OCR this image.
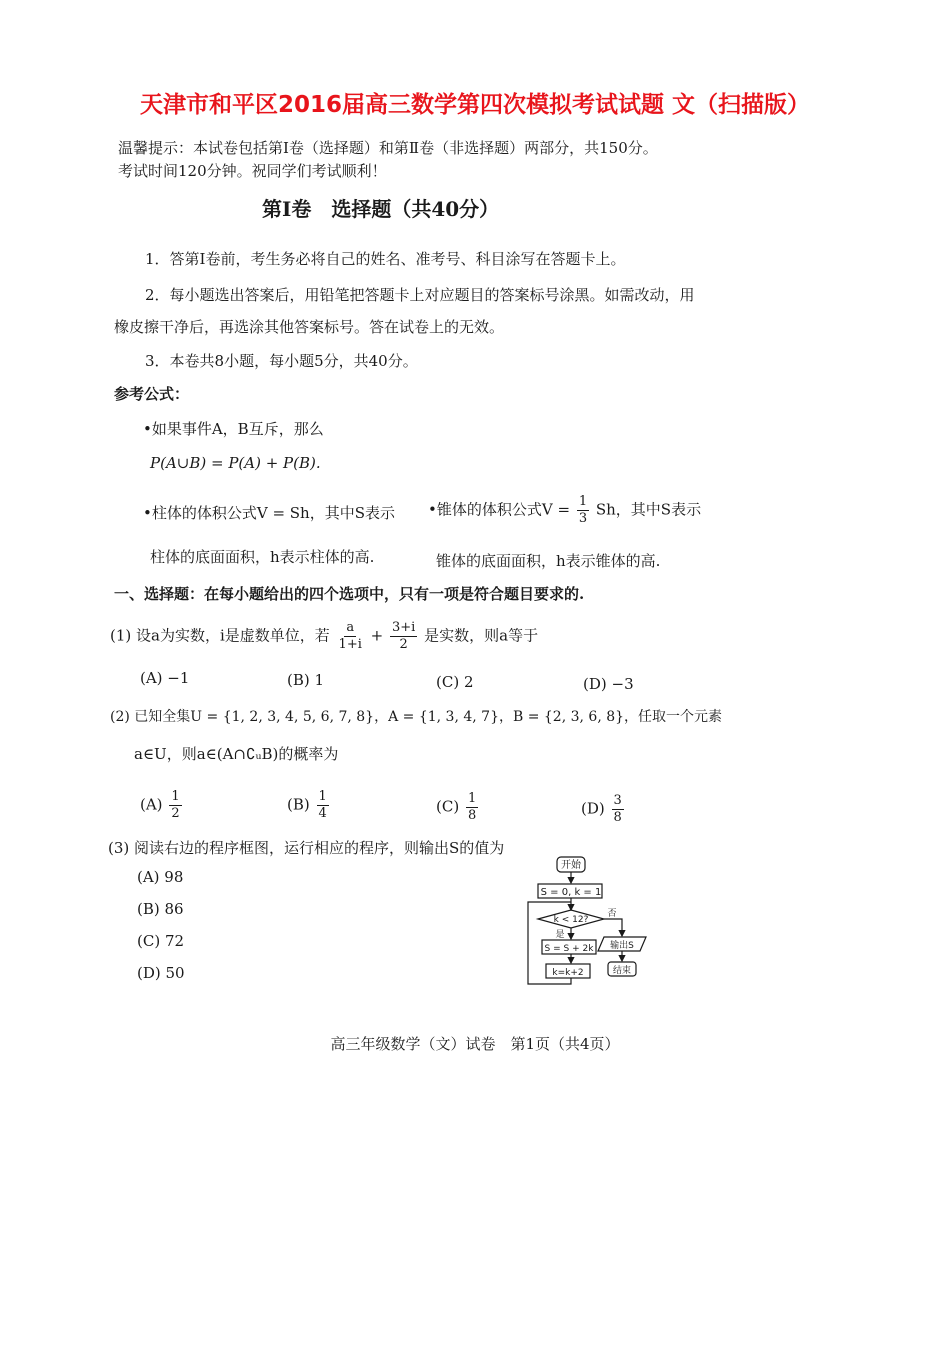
天津市和平区2016届高三数学第四次模拟考试试题 文（扫描版）
温馨提示：本试卷包括第Ⅰ卷（选择题）和第Ⅱ卷（非选择题）两部分，共150分。
考试时间120分钟。祝同学们考试顺利！
第Ⅰ卷　选择题（共40分）
1．答第Ⅰ卷前，考生务必将自己的姓名、准考号、科目涂写在答题卡上。
2．每小题选出答案后，用铅笔把答题卡上对应题目的答案标号涂黑。如需改动，用
橡皮擦干净后，再选涂其他答案标号。答在试卷上的无效。
3．本卷共8小题，每小题5分，共40分。
参考公式：
•如果事件A，B互斥，那么
P(A∪B) = P(A) + P(B).
•柱体的体积公式V = Sh，其中S表示
柱体的底面面积，h表示柱体的高.
•锥体的体积公式$V = \frac{1}{3}$ Sh，其中S表示
锥体的底面面积，h表示锥体的高.
一、选择题：在每小题给出的四个选项中，只有一项是符合题目要求的.
(1) 设a为实数，i是虚数单位，若 $\frac{a}{1+i} + \frac{3+i}{2}$ 是实数，则a等于
(A) −1	(B) 1	(C) 2	(D) −3
(2) 已知全集U = {1, 2, 3, 4, 5, 6, 7, 8}，A = {1, 3, 4, 7}，B = {2, 3, 6, 8}，任取一个元素
a∈U，则a∈(A∩∁ᵤB)的概率为
$(A) \frac{1}{2}$	$(B) \frac{1}{4}$	$(C) \frac{1}{8}$	$(D) \frac{3}{8}$
(3) 阅读右边的程序框图，运行相应的程序，则输出S的值为
(A) 98
(B) 86
(C) 72
(D) 50
开始
S = 0, k = 1
k < 12?
否
是
S = S + 2k 输出S
k=k+2	结束
高三年级数学（文）试卷　第1页（共4页）
